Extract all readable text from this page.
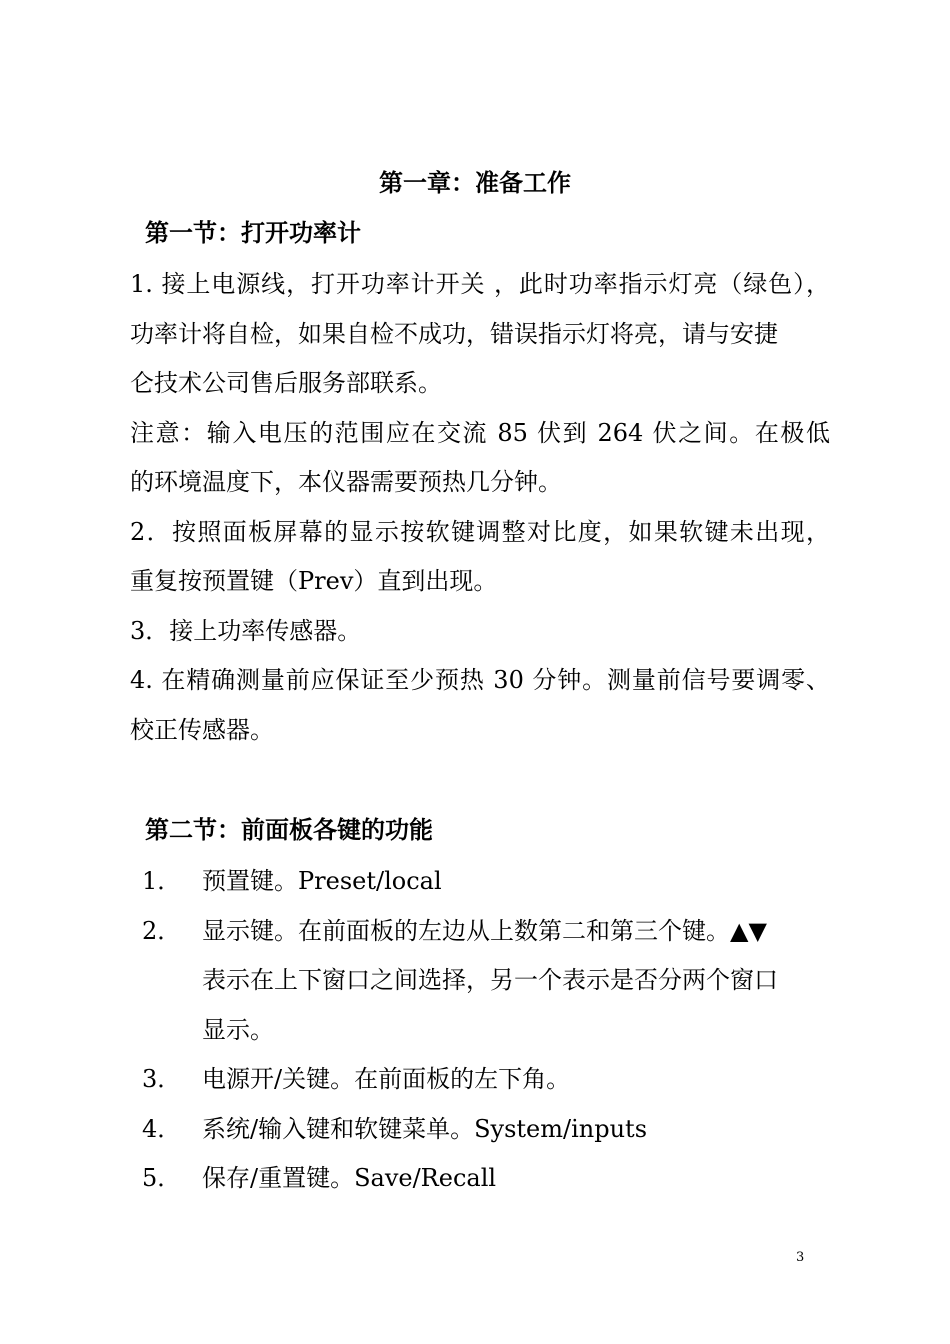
第一章：准备工作
第一节：打开功率计

1. 接上电源线，打开功率计开关 ，此时功率指示灯亮（绿色），

功率计将自检，如果自检不成功，错误指示灯将亮，请与安捷

仑技术公司售后服务部联系。

注意：输入电压的范围应在交流 85 伏到 264 伏之间。在极低

的环境温度下，本仪器需要预热几分钟。

2．按照面板屏幕的显示按软键调整对比度，如果软键未出现，

重复按预置键（Prev）直到出现。

3．接上功率传感器。

4. 在精确测量前应保证至少预热 30 分钟。测量前信号要调零、

校正传感器。

第二节：前面板各键的功能
1． 预置键。Preset/local
2． 显示键。在前面板的左边从上数第二和第三个键。▲▼
表示在上下窗口之间选择，另一个表示是否分两个窗口
显示。
3． 电源开/关键。在前面板的左下角。
4． 系统/输入键和软键菜单。System/inputs
5． 保存/重置键。Save/Recall
3
